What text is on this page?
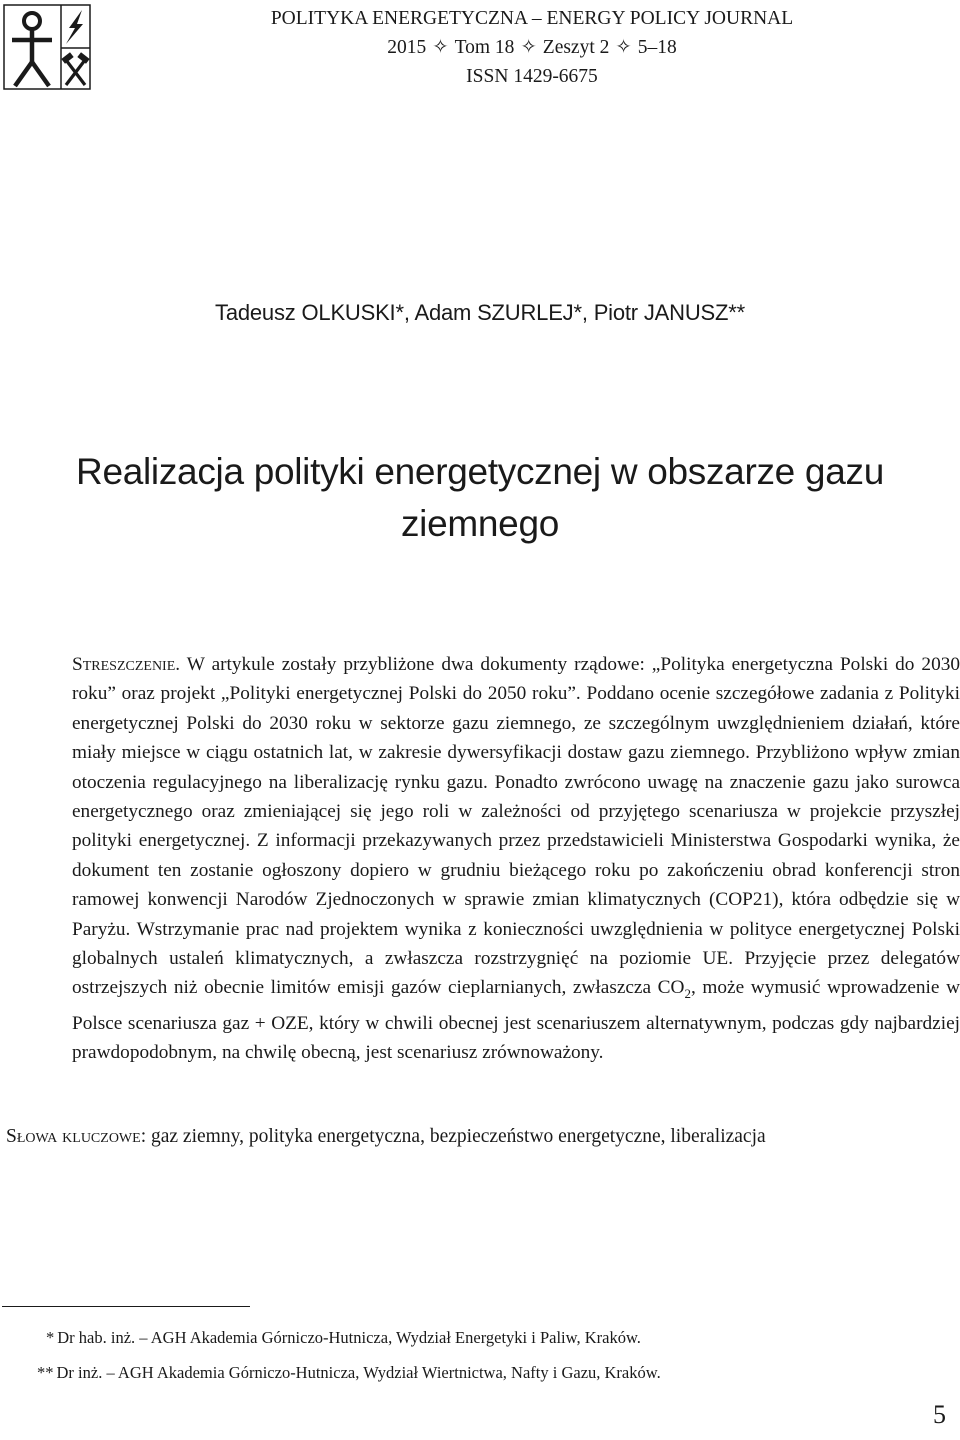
POLITYKA ENERGETYCZNA – ENERGY POLICY JOURNAL
2015 ✧ Tom 18 ✧ Zeszyt 2 ✧ 5–18
ISSN 1429-6675
Tadeusz OLKUSKI*, Adam SZURLEJ*, Piotr JANUSZ**
Realizacja polityki energetycznej w obszarze gazu
ziemnego

Streszczenie. W artykule zostały przybliżone dwa dokumenty rządowe: „Polityka energetyczna Polski do 2030 roku” oraz projekt „Polityki energetycznej Polski do 2050 roku”. Poddano ocenie szczegółowe zadania z Polityki energetycznej Polski do 2030 roku w sektorze gazu ziemnego, ze szczególnym uwzględnieniem działań, które miały miejsce w ciągu ostatnich lat, w zakresie dywersyfikacji dostaw gazu ziemnego. Przybliżono wpływ zmian otoczenia regulacyjnego na liberalizację rynku gazu. Ponadto zwrócono uwagę na znaczenie gazu jako surowca energetycznego oraz zmieniającej się jego roli w zależności od przyjętego scenariusza w projekcie przyszłej polityki energetycznej. Z informacji przekazywanych przez przedstawicieli Ministerstwa Gospodarki wynika, że dokument ten zostanie ogłoszony dopiero w grudniu bieżącego roku po zakończeniu obrad konferencji stron ramowej konwencji Narodów Zjednoczonych w sprawie zmian klimatycznych (COP21), która odbędzie się w Paryżu. Wstrzymanie prac nad projektem wynika z konieczności uwzględnienia w polityce energetycznej Polski globalnych ustaleń klimatycznych, a zwłaszcza rozstrzygnięć na poziomie UE. Przyjęcie przez delegatów ostrzejszych niż obecnie limitów emisji gazów cieplarnianych, zwłaszcza $CO_2$, może wymusić wprowadzenie w Polsce scenariusza gaz + OZE, który w chwili obecnej jest scenariuszem alternatywnym, podczas gdy najbardziej prawdopodobnym, na chwilę obecną, jest scenariusz zrównoważony.

Słowa kluczowe: gaz ziemny, polityka energetyczna, bezpieczeństwo energetyczne, liberalizacja

* Dr hab. inż. – AGH Akademia Górniczo-Hutnicza, Wydział Energetyki i Paliw, Kraków.
** Dr inż. – AGH Akademia Górniczo-Hutnicza, Wydział Wiertnictwa, Nafty i Gazu, Kraków.
5
